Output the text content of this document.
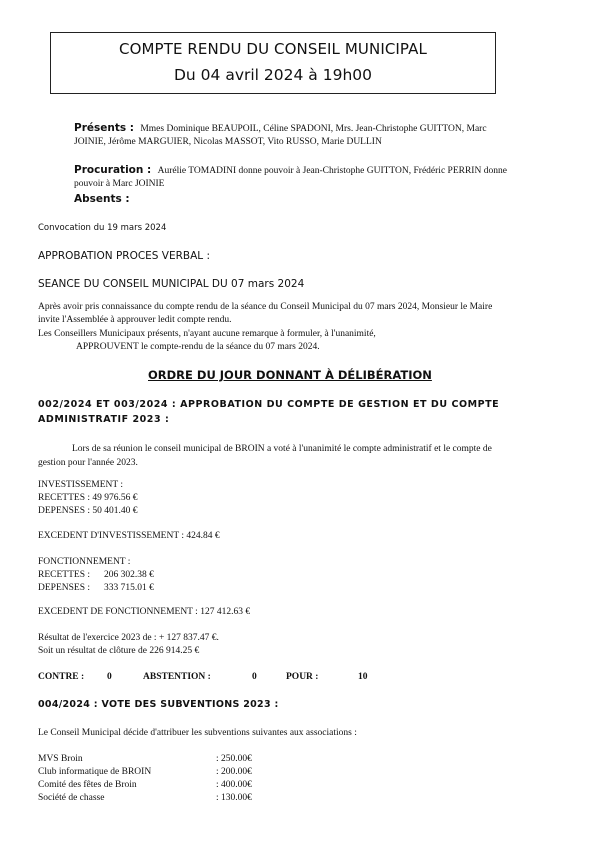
COMPTE RENDU DU CONSEIL MUNICIPAL
Du 04 avril 2024 à 19h00
Présents : Mmes Dominique BEAUPOIL, Céline SPADONI, Mrs. Jean-Christophe GUITTON, Marc
JOINIE, Jérôme MARGUIER, Nicolas MASSOT, Vito RUSSO, Marie DULLIN
Procuration : Aurélie TOMADINI donne pouvoir à Jean-Christophe GUITTON, Frédéric PERRIN donne
pouvoir à Marc JOINIE
Absents :
Convocation du 19 mars 2024
APPROBATION PROCES VERBAL :
SEANCE DU CONSEIL MUNICIPAL DU 07 mars 2024
Après avoir pris connaissance du compte rendu de la séance du Conseil Municipal du 07 mars 2024, Monsieur le Maire
invite l'Assemblée à approuver ledit compte rendu.
Les Conseillers Municipaux présents, n'ayant aucune remarque à formuler, à l'unanimité,
APPROUVENT le compte-rendu de la séance du 07 mars 2024.
ORDRE DU JOUR DONNANT À DÉLIBÉRATION
002/2024 ET 003/2024 : APPROBATION DU COMPTE DE GESTION ET DU COMPTE
ADMINISTRATIF 2023 :
Lors de sa réunion le conseil municipal de BROIN a voté à l'unanimité le compte administratif et le compte de
gestion pour l'année 2023.
INVESTISSEMENT :
RECETTES : 49 976.56 €
DEPENSES : 50 401.40 €
EXCEDENT D'INVESTISSEMENT : 424.84 €
FONCTIONNEMENT :
RECETTES : 206 302.38 €
DEPENSES : 333 715.01 €
EXCEDENT DE FONCTIONNEMENT : 127 412.63 €
Résultat de l'exercice 2023 de : + 127 837.47 €.
Soit un résultat de clôture de 226 914.25 €
CONTRE : 0	ABSTENTION :	0	POUR :	10
004/2024 : VOTE DES SUBVENTIONS 2023 :
Le Conseil Municipal décide d'attribuer les subventions suivantes aux associations :
MVS Broin	: 250.00€
Club informatique de BROIN	: 200.00€
Comité des fêtes de Broin	: 400.00€
Société de chasse	: 130.00€
